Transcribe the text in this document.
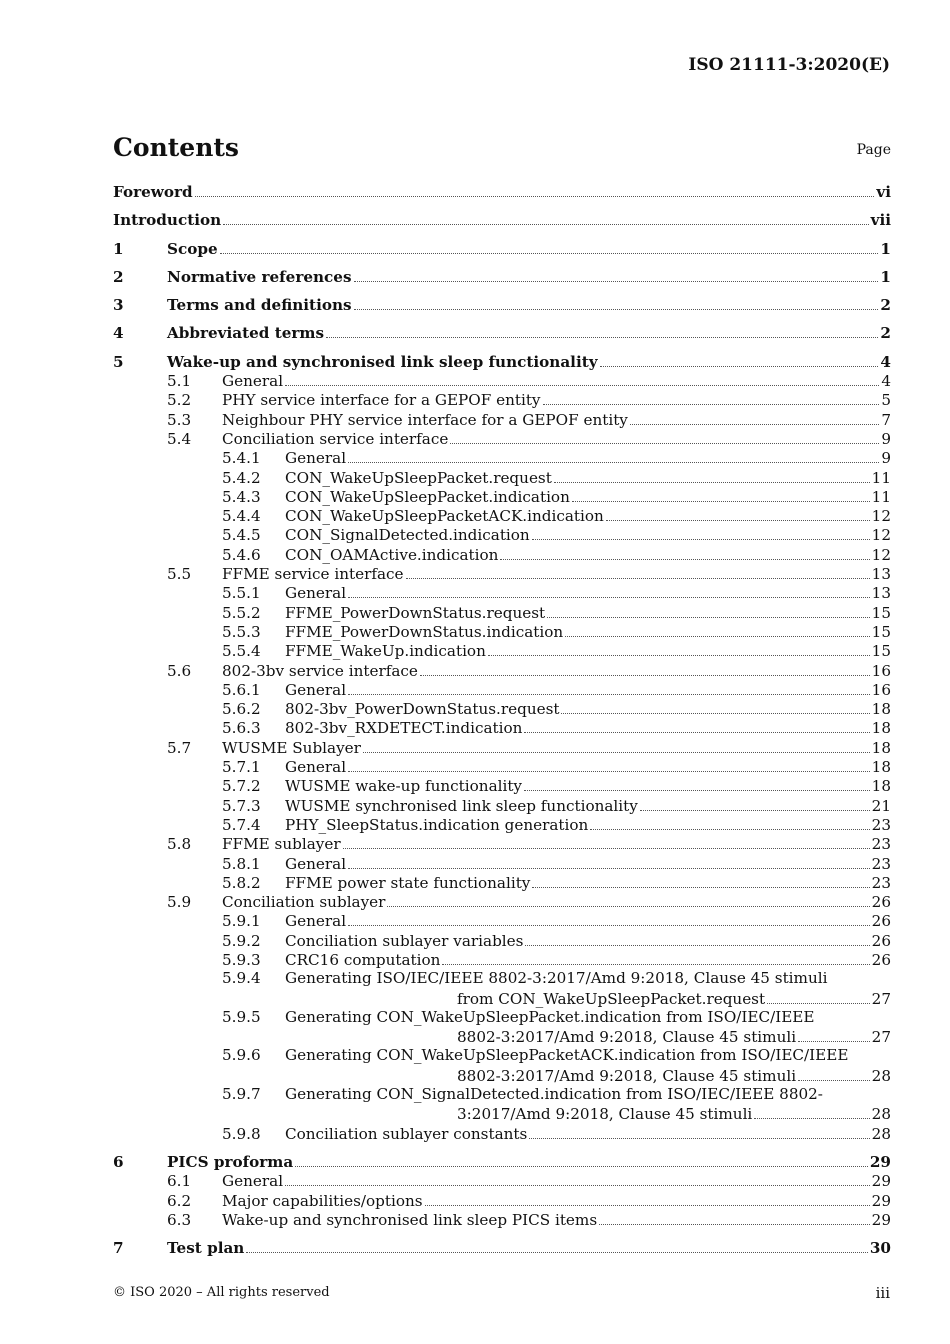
ISO 21111-3:2020(E)
Contents	Page
Foreword	vi
Introduction	vii
1	Scope	1
2	Normative references	1
3	Terms and definitions	2
4	Abbreviated terms	2
5	Wake-up and synchronised link sleep functionality	4
5.1 General	4
5.2 PHY service interface for a GEPOF entity	5
5.3 Neighbour PHY service interface for a GEPOF entity	7
5.4 Conciliation service interface	9
5.4.1 General	9
5.4.2 CON_WakeUpSleepPacket.request	11
5.4.3 CON_WakeUpSleepPacket.indication	11
5.4.4 CON_WakeUpSleepPacketACK.indication	12
5.4.5 CON_SignalDetected.indication	12
5.4.6 CON_OAMActive.indication	12
5.5 FFME service interface	13
5.5.1 General	13
5.5.2 FFME_PowerDownStatus.request	15
5.5.3 FFME_PowerDownStatus.indication	15
5.5.4 FFME_WakeUp.indication	15
5.6 802-3bv service interface	16
5.6.1 General	16
5.6.2 802-3bv_PowerDownStatus.request	18
5.6.3 802-3bv_RXDETECT.indication	18
5.7 WUSME Sublayer	18
5.7.1 General	18
5.7.2 WUSME wake-up functionality	18
5.7.3 WUSME synchronised link sleep functionality	21
5.7.4 PHY_SleepStatus.indication generation	23
5.8 FFME sublayer	23
5.8.1 General	23
5.8.2 FFME power state functionality	23
5.9 Conciliation sublayer	26
5.9.1 General	26
5.9.2 Conciliation sublayer variables	26
5.9.3 CRC16 computation	26
5.9.4 Generating ISO/IEC/IEEE 8802-3:2017/Amd 9:2018, Clause 45 stimuli
from CON_WakeUpSleepPacket.request	27
5.9.5 Generating CON_WakeUpSleepPacket.indication from ISO/IEC/IEEE
8802-3:2017/Amd 9:2018, Clause 45 stimuli	27
5.9.6 Generating CON_WakeUpSleepPacketACK.indication from ISO/IEC/IEEE
8802-3:2017/Amd 9:2018, Clause 45 stimuli	28
5.9.7 Generating CON_SignalDetected.indication from ISO/IEC/IEEE 8802-
3:2017/Amd 9:2018, Clause 45 stimuli	28
5.9.8 Conciliation sublayer constants	28
6	PICS proforma	29
6.1 General	29
6.2 Major capabilities/options	29
6.3 Wake-up and synchronised link sleep PICS items	29
7	Test plan	30
© ISO 2020 – All rights reserved	iii
